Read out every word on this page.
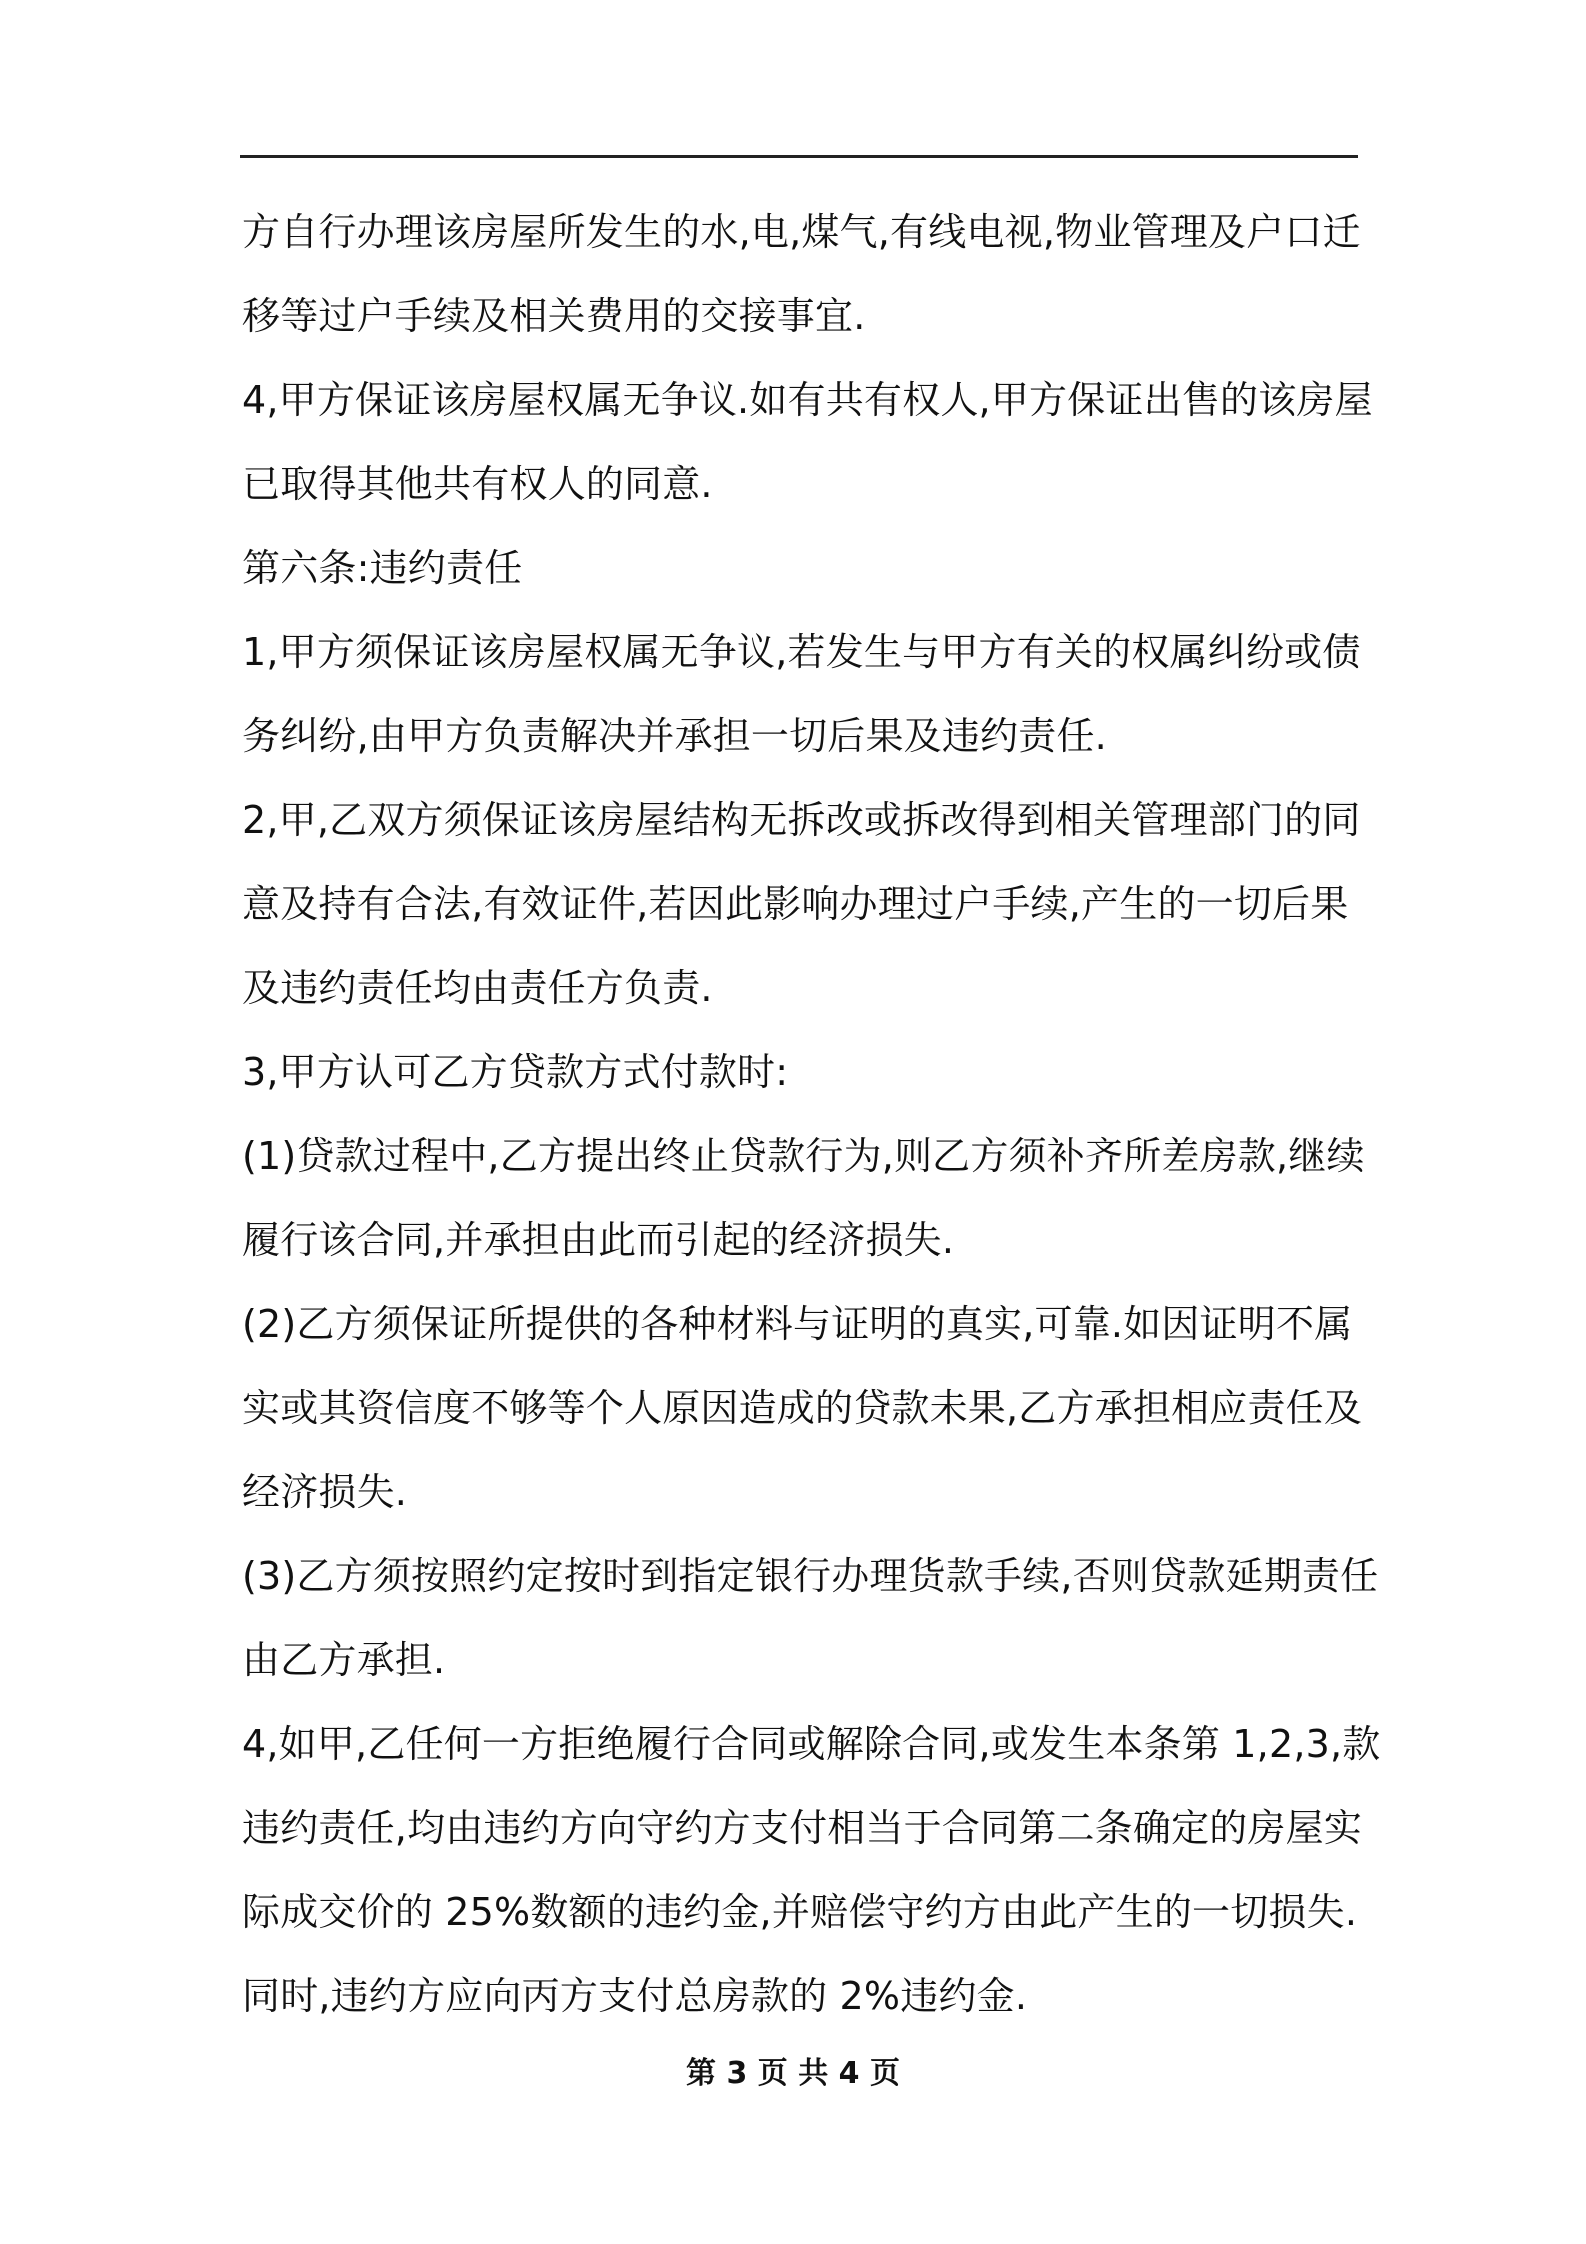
方自行办理该房屋所发生的水,电,煤气,有线电视,物业管理及户口迁
移等过户手续及相关费用的交接事宜.
4,甲方保证该房屋权属无争议.如有共有权人,甲方保证出售的该房屋
已取得其他共有权人的同意.
第六条:违约责任
1,甲方须保证该房屋权属无争议,若发生与甲方有关的权属纠纷或债
务纠纷,由甲方负责解决并承担一切后果及违约责任.
2,甲,乙双方须保证该房屋结构无拆改或拆改得到相关管理部门的同
意及持有合法,有效证件,若因此影响办理过户手续,产生的一切后果
及违约责任均由责任方负责.
3,甲方认可乙方贷款方式付款时:
(1)贷款过程中,乙方提出终止贷款行为,则乙方须补齐所差房款,继续
履行该合同,并承担由此而引起的经济损失.
(2)乙方须保证所提供的各种材料与证明的真实,可靠.如因证明不属
实或其资信度不够等个人原因造成的贷款未果,乙方承担相应责任及
经济损失.
(3)乙方须按照约定按时到指定银行办理货款手续,否则贷款延期责任
由乙方承担.
4,如甲,乙任何一方拒绝履行合同或解除合同,或发生本条第 1,2,3,款
违约责任,均由违约方向守约方支付相当于合同第二条确定的房屋实
际成交价的 25%数额的违约金,并赔偿守约方由此产生的一切损失.
同时,违约方应向丙方支付总房款的 2%违约金.
第 3 页 共 4 页
